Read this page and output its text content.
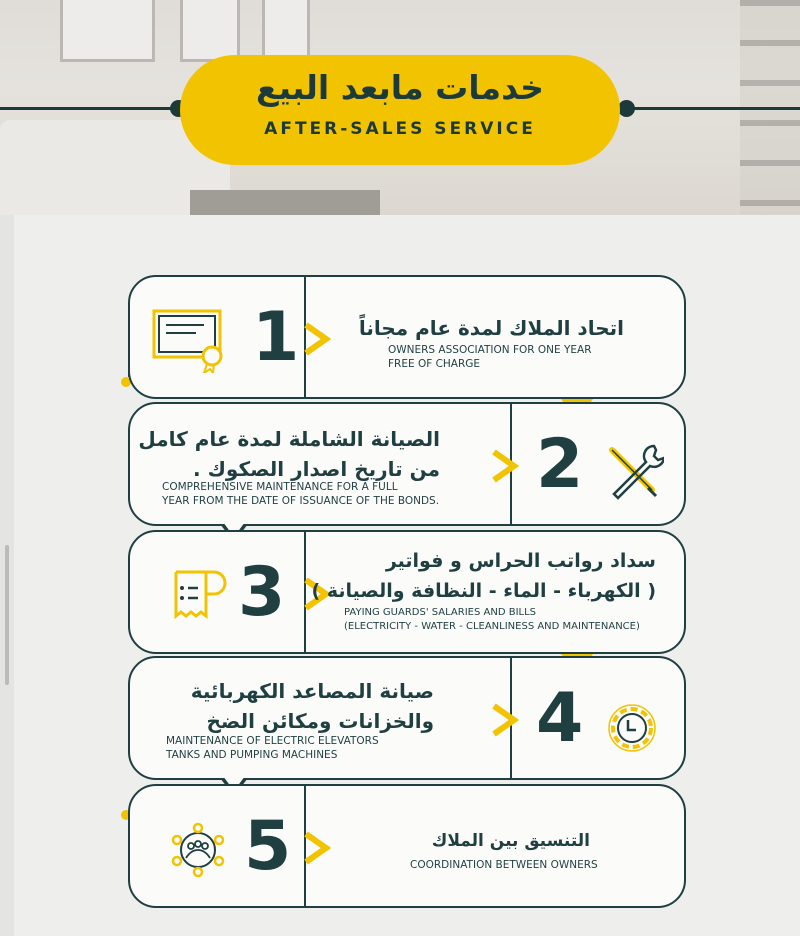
خدمات مابعد البيع
AFTER-SALES SERVICE
1	اتحاد الملاك لمدة عام مجاناً
OWNERS ASSOCIATION FOR ONE YEAR
FREE OF CHARGE
الصيانة الشاملة لمدة عام كامل
من تاريخ اصدار الصكوك .
COMPREHENSIVE MAINTENANCE FOR A FULL
YEAR FROM THE DATE OF ISSUANCE OF THE BONDS. 2
3	سداد رواتب الحراس و فواتير
( الكهرباء - الماء - النظافة والصيانة )
PAYING GUARDS' SALARIES AND BILLS
(ELECTRICITY - WATER - CLEANLINESS AND MAINTENANCE)
صيانة المصاعد الكهربائية
والخزانات ومكائن الضخ
MAINTENANCE OF ELECTRIC ELEVATORS
TANKS AND PUMPING MACHINES	4
5	التنسيق بين الملاك
COORDINATION BETWEEN OWNERS
